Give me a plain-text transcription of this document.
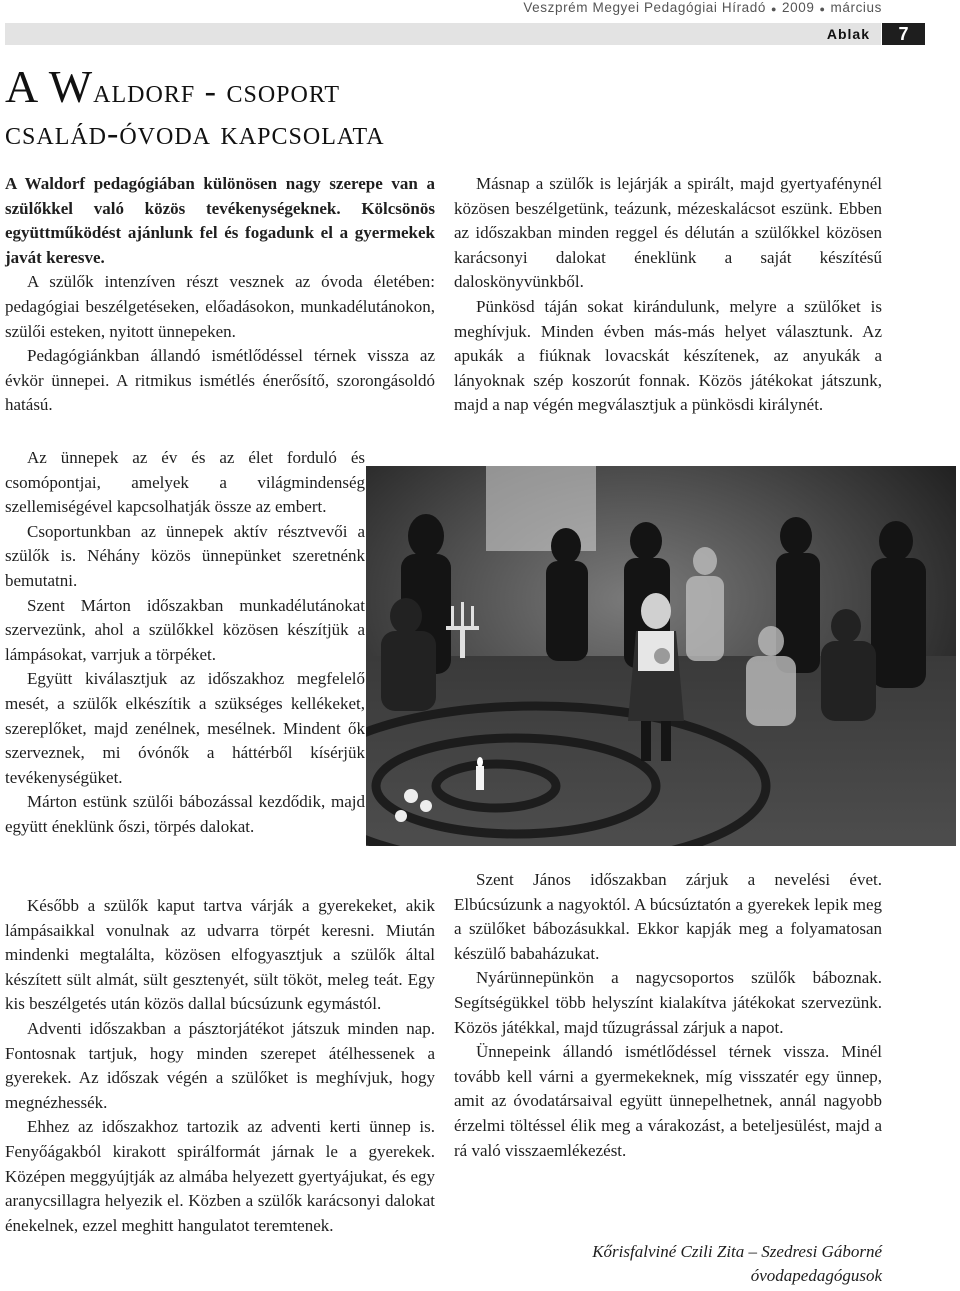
Veszprém Megyei Pedagógiai Híradó ● 2009 ● március
Ablak	7
A Waldorf - csoport
család-óvoda kapcsolata

A Waldorf pedagógiában különösen nagy szerepe van a szülőkkel való közös tevékenységeknek. Kölcsönös együttműködést ajánlunk fel és fogadunk el a gyermekek javát keresve.

A szülők intenzíven részt vesznek az óvoda életében: pedagógiai beszélgetéseken, előadásokon, munkadélutánokon, szülői esteken, nyitott ünnepeken.

Pedagógiánkban állandó ismétlődéssel térnek vissza az évkör ünnepei. A ritmikus ismétlés énerősítő, szorongásoldó hatású.

Az ünnepek az év és az élet forduló és csomópontjai, amelyek a világmindenség szellemiségével kapcsolhatják össze az embert.

Csoportunkban az ünnepek aktív résztvevői a szülők is. Néhány közös ünnepünket szeretnénk bemutatni.

Szent Márton időszakban munkadélutánokat szervezünk, ahol a szülőkkel közösen készítjük a lámpásokat, varrjuk a törpéket.

Együtt kiválasztjuk az időszakhoz megfelelő mesét, a szülők elkészítik a szükséges kellékeket, szereplőket, majd zenélnek, mesélnek. Mindent ők szerveznek, mi óvónők a háttérből kísérjük tevékenységüket.

Márton estünk szülői bábozással kezdődik, majd együtt éneklünk őszi, törpés dalokat.

Később a szülők kaput tartva várják a gyerekeket, akik lámpásaikkal vonulnak az udvarra törpét keresni. Miután mindenki megtalálta, közösen elfogyasztjuk a szülők által készített sült almát, sült gesztenyét, sült tököt, meleg teát. Egy kis beszélgetés után közös dallal búcsúzunk egymástól.

Adventi időszakban a pásztorjátékot játszuk minden nap. Fontosnak tartjuk, hogy minden szerepet átélhessenek a gyerekek. Az időszak végén a szülőket is meghívjuk, hogy megnézhessék.

Ehhez az időszakhoz tartozik az adventi kerti ünnep is. Fenyőágakból kirakott spirálformát járnak le a gyerekek. Középen meggyújtják az almába helyezett gyertyájukat, és egy aranycsillagra helyezik el. Közben a szülők karácsonyi dalokat énekelnek, ezzel meghitt hangulatot teremtenek.

Másnap a szülők is lejárják a spirált, majd gyertyafénynél közösen beszélgetünk, teázunk, mézeskalácsot eszünk. Ebben az időszakban minden reggel és délután a szülőkkel közösen karácsonyi dalokat éneklünk a saját készítésű daloskönyvünkből.

Pünkösd táján sokat kirándulunk, melyre a szülőket is meghívjuk. Minden évben más-más helyet választunk. Az apukák a fiúknak lovacskát készítenek, az anyukák a lányoknak szép koszorút fonnak. Közös játékokat játszunk, majd a nap végén megválasztjuk a pünkösdi királynét.

Szent János időszakban zárjuk a nevelési évet. Elbúcsúzunk a nagyoktól. A búcsúztatón a gyerekek lepik meg a szülőket bábozásukkal. Ekkor kapják meg a folyamatosan készülő babaházukat.

Nyárünnepünkön a nagycsoportos szülők báboznak. Segítségükkel több helyszínt kialakítva játékokat szervezünk. Közös játékkal, majd tűzugrással zárjuk a napot.

Ünnepeink állandó ismétlődéssel térnek vissza. Minél tovább kell várni a gyermekeknek, míg visszatér egy ünnep, amit az óvodatársaival együtt ünnepelhetnek, annál nagyobb érzelmi töltéssel élik meg a várakozást, a beteljesülést, majd a rá való visszaemlékezést.

Kőrisfalviné Czili Zita – Szedresi Gáborné
óvodapedagógusok
